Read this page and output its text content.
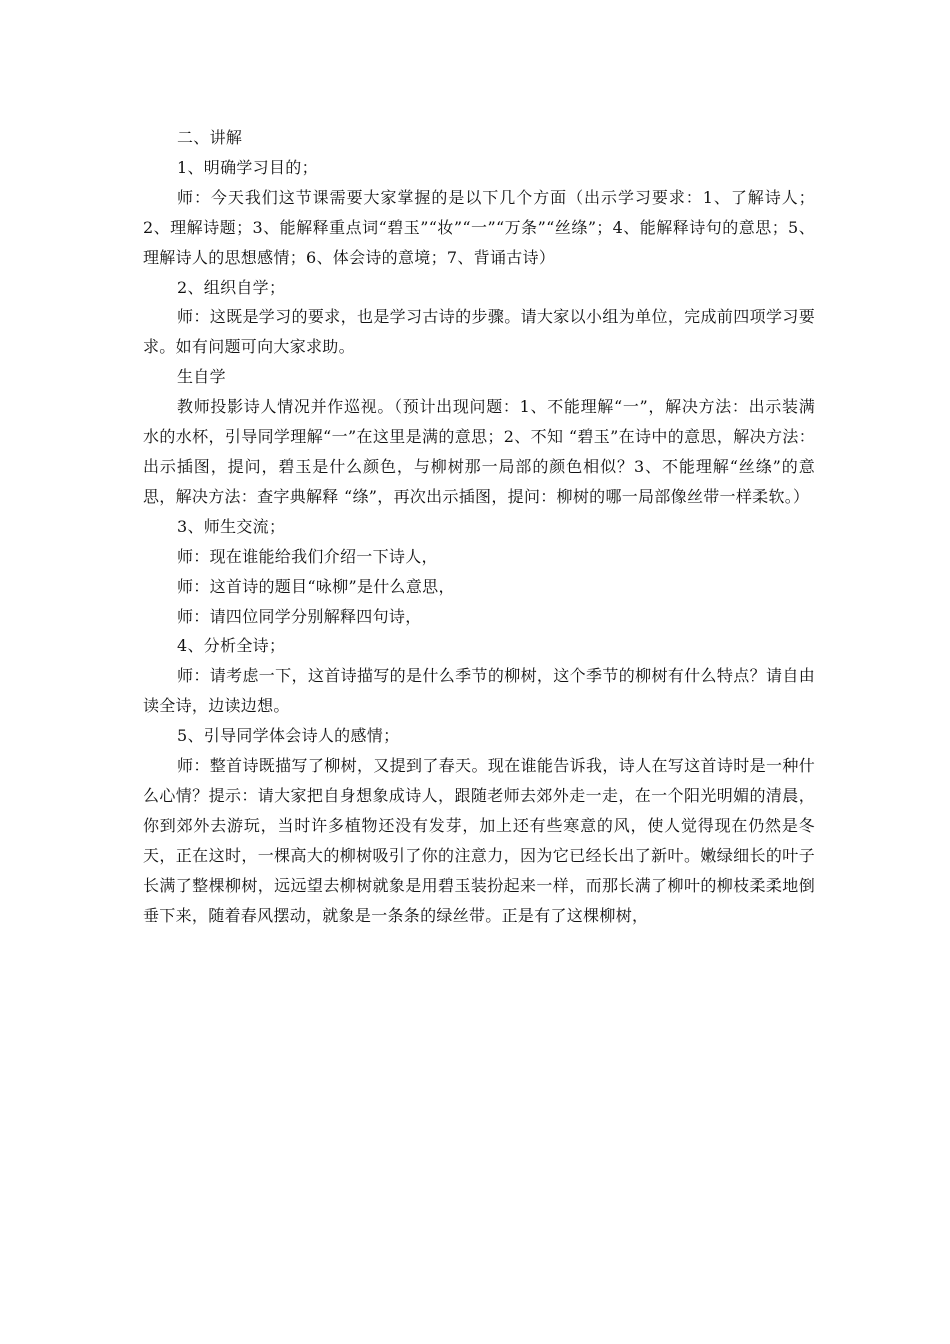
二、讲解

1、明确学习目的；

师：今天我们这节课需要大家掌握的是以下几个方面（出示学习要求：1、了解诗人；2、理解诗题；3、能解释重点词“碧玉”“妆”“一”“万条”“丝绦”；4、能解释诗句的意思；5、理解诗人的思想感情；6、体会诗的意境；7、背诵古诗）

2、组织自学；

师：这既是学习的要求，也是学习古诗的步骤。请大家以小组为单位，完成前四项学习要求。如有问题可向大家求助。

生自学

教师投影诗人情况并作巡视。（预计出现问题：1、不能理解“一”，解决方法：出示装满水的水杯，引导同学理解“一”在这里是满的意思；2、不知 “碧玉”在诗中的意思，解决方法：出示插图，提问，碧玉是什么颜色，与柳树那一局部的颜色相似？3、不能理解“丝绦”的意思，解决方法：查字典解释 “绦”，再次出示插图，提问：柳树的哪一局部像丝带一样柔软。）

3、师生交流；

师：现在谁能给我们介绍一下诗人，

师：这首诗的题目“咏柳”是什么意思，

师：请四位同学分别解释四句诗，

4、分析全诗；

师：请考虑一下，这首诗描写的是什么季节的柳树，这个季节的柳树有什么特点？请自由读全诗，边读边想。

5、引导同学体会诗人的感情；

师：整首诗既描写了柳树，又提到了春天。现在谁能告诉我，诗人在写这首诗时是一种什么心情？提示：请大家把自身想象成诗人，跟随老师去郊外走一走，在一个阳光明媚的清晨，你到郊外去游玩，当时许多植物还没有发芽，加上还有些寒意的风，使人觉得现在仍然是冬天，正在这时，一棵高大的柳树吸引了你的注意力，因为它已经长出了新叶。嫩绿细长的叶子长满了整棵柳树，远远望去柳树就象是用碧玉装扮起来一样，而那长满了柳叶的柳枝柔柔地倒垂下来，随着春风摆动，就象是一条条的绿丝带。正是有了这棵柳树，
